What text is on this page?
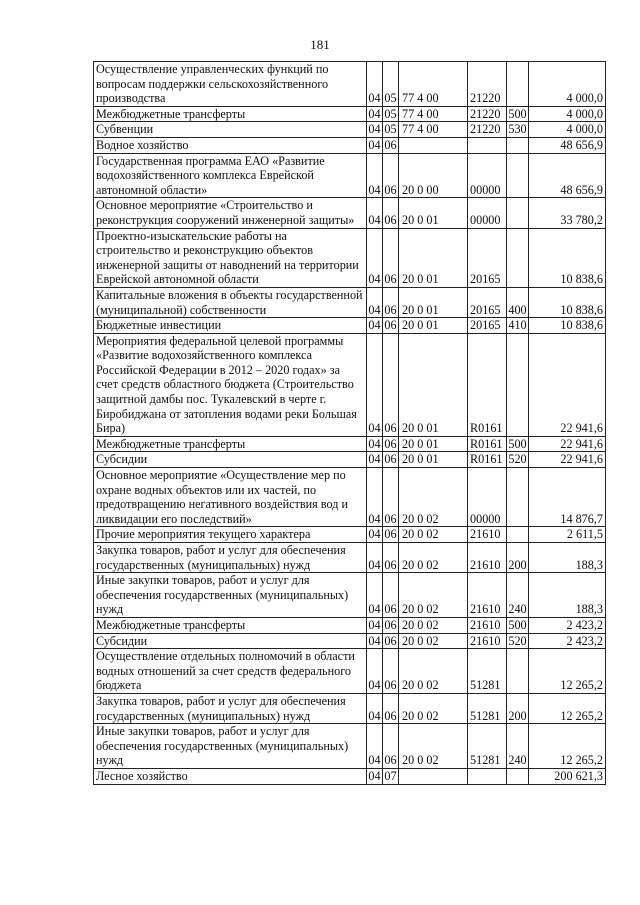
181
Осуществление управленческих функций по вопросам поддержки сельскохозяйственного производства	04	05	77 4 00	21220		4 000,0
Межбюджетные трансферты	04	05	77 4 00	21220	500	4 000,0
Субвенции	04	05	77 4 00	21220	530	4 000,0
Водное хозяйство	04	06				48 656,9
Государственная программа ЕАО «Развитие водохозяйственного комплекса Еврейской автономной области»	04	06	20 0 00	00000		48 656,9
Основное мероприятие «Строительство и реконструкция сооружений инженерной защиты»	04	06	20 0 01	00000		33 780,2
Проектно-изыскательские работы на строительство и реконструкцию объектов инженерной защиты от наводнений на территории Еврейской автономной области	04	06	20 0 01	20165		10 838,6
Капитальные вложения в объекты государственной (муниципальной) собственности	04	06	20 0 01	20165	400	10 838,6
Бюджетные инвестиции	04	06	20 0 01	20165	410	10 838,6
Мероприятия федеральной целевой программы «Развитие водохозяйственного комплекса Российской Федерации в 2012 – 2020 годах» за счет средств областного бюджета (Строительство защитной дамбы пос. Тукалевский в черте г. Биробиджана от затопления водами реки Большая Бира)	04	06	20 0 01	R0161		22 941,6
Межбюджетные трансферты	04	06	20 0 01	R0161	500	22 941,6
Субсидии	04	06	20 0 01	R0161	520	22 941,6
Основное мероприятие «Осуществление мер по охране водных объектов или их частей, по предотвращению негативного воздействия вод и ликвидации его последствий»	04	06	20 0 02	00000		14 876,7
Прочие мероприятия текущего характера	04	06	20 0 02	21610		2 611,5
Закупка товаров, работ и услуг для обеспечения государственных (муниципальных) нужд	04	06	20 0 02	21610	200	188,3
Иные закупки товаров, работ и услуг для обеспечения государственных (муниципальных) нужд	04	06	20 0 02	21610	240	188,3
Межбюджетные трансферты	04	06	20 0 02	21610	500	2 423,2
Субсидии	04	06	20 0 02	21610	520	2 423,2
Осуществление отдельных полномочий в области водных отношений за счет средств федерального бюджета	04	06	20 0 02	51281		12 265,2
Закупка товаров, работ и услуг для обеспечения государственных (муниципальных) нужд	04	06	20 0 02	51281	200	12 265,2
Иные закупки товаров, работ и услуг для обеспечения государственных (муниципальных) нужд	04	06	20 0 02	51281	240	12 265,2
Лесное хозяйство	04	07				200 621,3
